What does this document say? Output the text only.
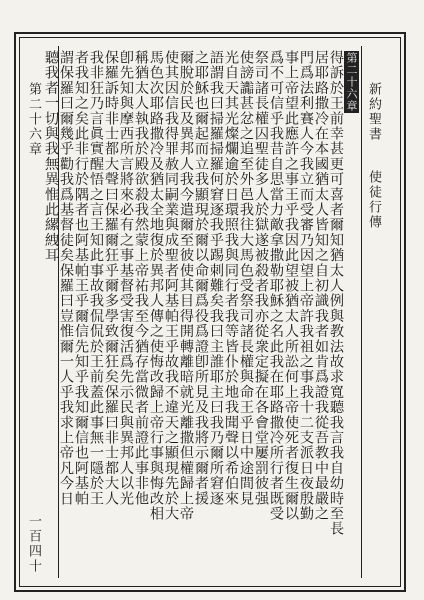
新約聖書
使徒行傳
第二十六章
一百四十
第二十六章
得訴於王前幸甚更可喜者爾知猶太人例與教法故求寬聽我言我自幼時至長
居耶路撒冷在本國猶太人皆知之自初識我者如肯爲證我從吾教中最嚴之
門爲法利賽人今我立而受審乃因望上帝許我祖之事我十二支派日夜殷勤
事上帝望此應許之事王乎我因此望被猶太人所訟何上帝使死者復生爾以
爲不可信乎我昔自思當力敵拿撒勒耶穌之名此我在耶路撒冷所行者既受
祭司諸長權囚聖徒多人於獄遂被殺者我亦從衆定擬在各會堂屢罰彼强
使謗讟甚忿之追至外邑我往大馬色受祭司諸長權與命王乎日中途間見
光自天其光燦爛逾於日環照我與同行者我等皆仆於地我聞聲以希伯來
語謂我曰掃羅掃羅何窘逐我乎踢刺難矣我曰主誰耶主曰我乃爾所窘逐
之耶穌也爾起而立我顯現於爾以命爾爲役爲證卽所見及我將示爾者援
爾脫於民及異邦人我今遣爾至彼使其目得開轉離暗就光離撒但權歸上帝
使其因信我得罪赦同嗣業與成聖者阿基帕王乎故我不違天之顯現先於大
馬色次耶路撒冷及猶太全地復於異邦人傳之使悔改歸上帝行事與悔改相
稱猶太人執我於殿欲殺我然蒙上帝祐我至今猶存當微者前證此事非他
卽先知與摩西所言將來必有之事基督受害復活爲先示民與異邦人以光
保羅訴時非士都大聲曰保羅爾狂乎爾多學致爾狂矣保羅曰非士都大人
我非狂乃言眞實醒悟之言王知此事故我侃侃於王前蓋此事無一隱於王
者我知之矣此非行於隅者也阿基帕王乎爾信先知乎我知爾信也阿基帕
謂保羅曰爾幾乎勸我爲基督徒矣保羅曰豈惟爾一人乎我求上帝凡今日
聽我者一切與我無異惟此縲絏耳
